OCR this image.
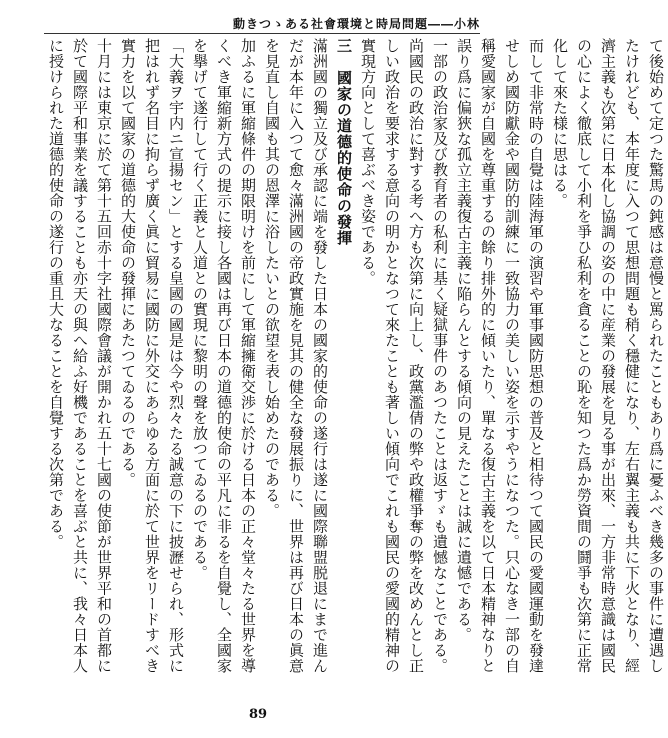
動きつゝある社會環境と時局問題――小林
て後始めて定つた驚馬の鈍感は意慢と罵られたこともあり爲に憂ふべき幾多の事件に遭遇したけれども、本年度に入つて思想問題も稍く穩健になり、左右翼主義も共に下火となり、經濟主義も次第に日本化し協調の姿の中に産業の發展を見る事が出來、一方非常時意識は國民の心によく徹底して小利を爭ひ私利を貪ることの恥を知つた爲か勞資間の鬪爭も次第に正常化して來た様に思はる。
而して非常時の自覺は陸海軍の演習や軍事國防思想の普及と相待つて國民の愛國運動を發達せしめ國防獻金や國防的訓練に一致協力の美しい姿を示すやうになつた。只心なき一部の自稱愛國家が自國を尊重するの餘り排外的に傾いたり、單なる復古主義を以て日本精神なりと誤り爲に偏狹な孤立主義復古主義に陥らんとする傾向の見えたことは誠に遺憾である。
一部の政治家及び教育者の私利に基く疑獄事件のあつたことは返すゞも遺憾なことである。尚國民の政治に對する考へ方も次第に向上し、政黨濫倩の弊や政權爭奪の弊を改めんとし正しい政治を要求する意向の明かとなつて來たことも著しい傾向でこれも國民の愛國的精神の實現方向として喜ぶべき姿である。
三　國家の道德的使命の發揮
滿洲國の獨立及び承認に端を發した日本の國家的使命の遂行は遂に國際聯盟脱退にまで進んだが本年に入つて愈々滿洲國の帝政實施を見其の健全な發展振りに、世界は再び日本の眞意を見直し自國も其の恩澤に浴したいとの欲望を表し始めたのである。
加ふるに軍縮條件の期限明けを前にして軍縮擁衛交渉に於ける日本の正々堂々たる世界を導くべき軍縮新方式の提示に接し各國は再び日本の道德的使命の平凡に非るを自覺し、全國家を擧げて遂行して行く正義と人道との實現に黎明の聲を放つてゐるのである。
「大義ヲ宇内ニ宣揚セン」とする皇國の國是は今や烈々たる誠意の下に披瀝せられ、形式に把はれず名目に拘らず廣く眞に貿易に國防に外交にあらゆる方面に於て世界をリードすべき實力を以て國家の道德的大使命の發揮にあたつてゐるのである。
十月には東京に於て第十五回赤十字社國際會議が開かれ五十七國の使節が世界平和の首都に於て國際平和事業を議することも亦天の與へ給ふ好機であることを喜ぶと共に、我々日本人に授けられた道德的使命の遂行の重且大なることを自覺する次第である。
89
